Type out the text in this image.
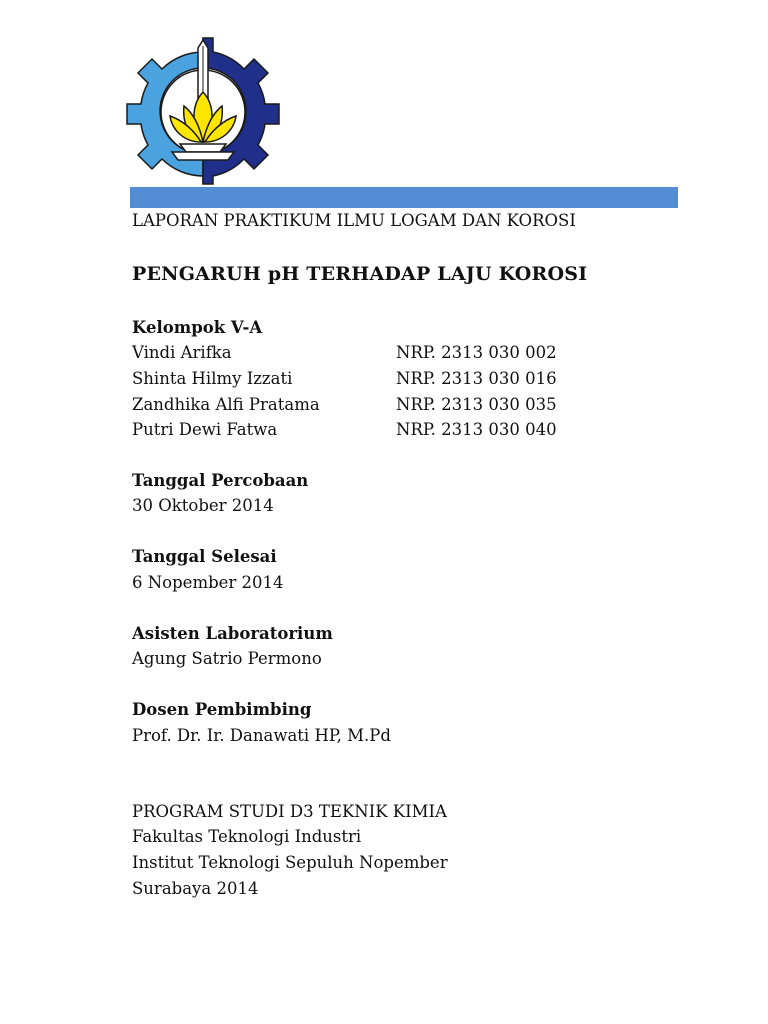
LAPORAN PRAKTIKUM ILMU LOGAM DAN KOROSI

PENGARUH pH TERHADAP LAJU KOROSI

Kelompok V-A

Vindi Arifka	NRP. 2313 030 002

Shinta Hilmy Izzati	NRP. 2313 030 016

Zandhika Alfi Pratama	NRP. 2313 030 035

Putri Dewi Fatwa	NRP. 2313 030 040

Tanggal Percobaan

30 Oktober 2014

Tanggal Selesai

6 Nopember 2014

Asisten Laboratorium

Agung Satrio Permono

Dosen Pembimbing

Prof. Dr. Ir. Danawati HP, M.Pd

PROGRAM STUDI D3 TEKNIK KIMIA

Fakultas Teknologi Industri

Institut Teknologi Sepuluh Nopember

Surabaya 2014
